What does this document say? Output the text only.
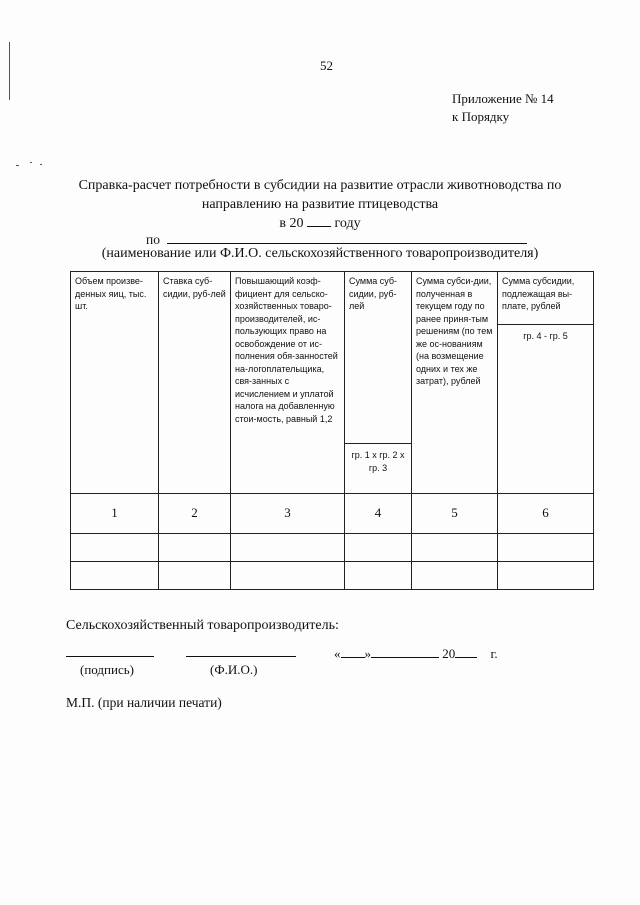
52
Приложение № 14
к Порядку
Справка-расчет потребности в субсидии на развитие отрасли животноводства по
направлению на развитие птицеводства
в 20 году
по
(наименование или Ф.И.О. сельскохозяйственного товаропроизводителя)
Объем произве-денных яиц, тыс. шт.	Ставка суб-сидии, руб-лей	Повышающий коэф-фициент для сельско-хозяйственных товаро-производителей, ис-пользующих право на освобождение от ис-полнения обя-занностей на-логоплательщика, свя-занных с исчислением и уплатой налога на добавленную стои-мость, равный 1,2	Сумма суб-сидии, руб-лей	Сумма субси-дии, полученная в текущем году по ранее приня-тым решениям (по тем же ос-нованиям (на возмещение одних и тех же затрат), рублей	Сумма субсидии, подлежащая вы-плате, рублей
					гр. 4 - гр. 5
			гр. 1 х гр. 2 х гр. 3		
1	2	3	4	5	6

Сельскохозяйственный товаропроизводитель:
(подпись)	(Ф.И.О.)
« »	20	г.
М.П. (при наличии печати)
